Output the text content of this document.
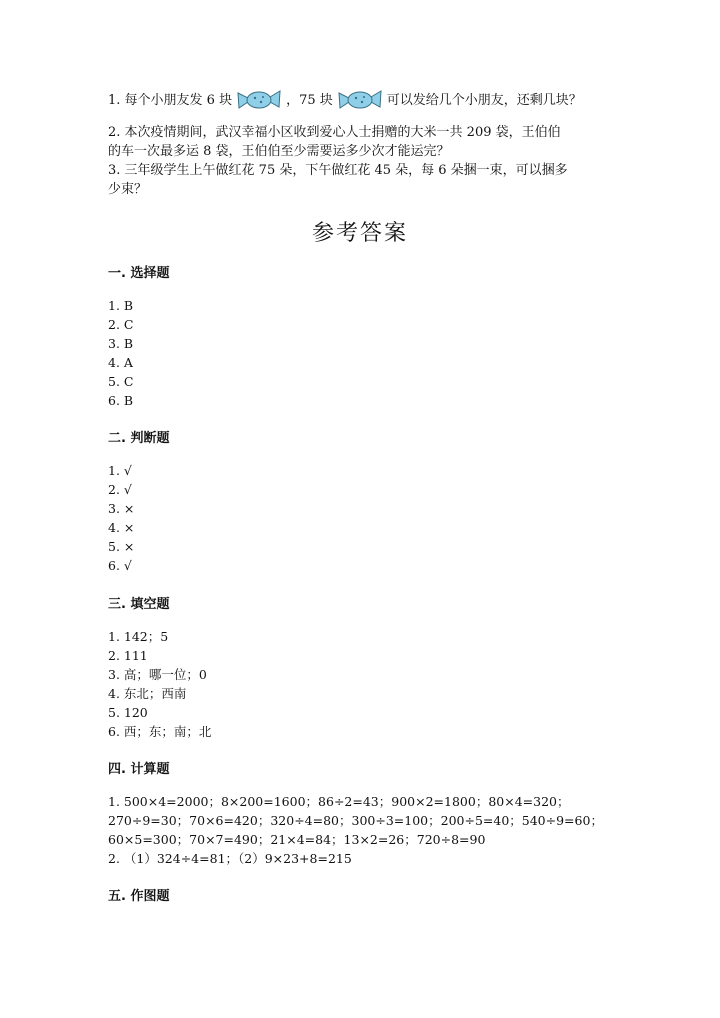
1. 每个小朋友发 6 块	，75 块	可以发给几个小朋友，还剩几块？
2. 本次疫情期间，武汉幸福小区收到爱心人士捐赠的大米一共 209 袋，王伯伯
的车一次最多运 8 袋，王伯伯至少需要运多少次才能运完？
3. 三年级学生上午做红花 75 朵，下午做红花 45 朵，每 6 朵捆一束，可以捆多
少束？
参考答案
一. 选择题
1. B
2. C
3. B
4. A
5. C
6. B
二. 判断题
1. √
2. √
3. ×
4. ×
5. ×
6. √
三. 填空题
1. 142；5
2. 111
3. 高；哪一位；0
4. 东北；西南
5. 120
6. 西；东；南；北
四. 计算题
1. 500×4=2000；8×200=1600；86÷2=43；900×2=1800；80×4=320；
270÷9=30；70×6=420；320÷4=80；300÷3=100；200÷5=40；540÷9=60；
60×5=300；70×7=490；21×4=84；13×2=26；720÷8=90
2. （1）324÷4=81；（2）9×23+8=215
五. 作图题
